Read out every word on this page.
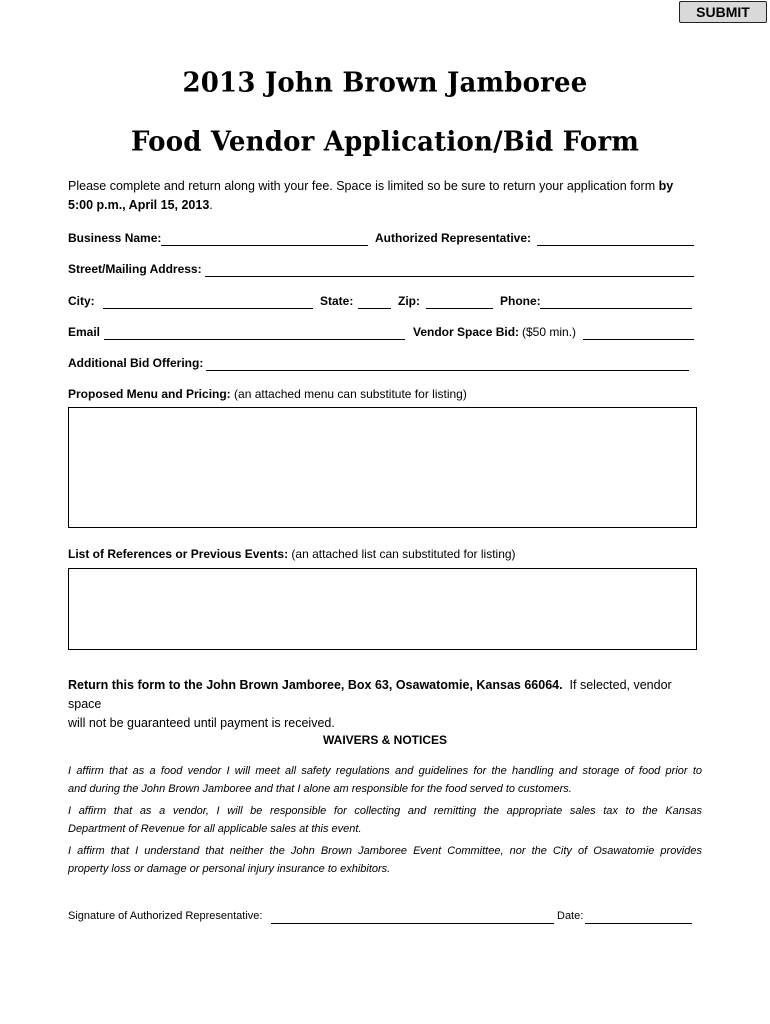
SUBMIT
2013 John Brown Jamboree
Food Vendor Application/Bid Form
Please complete and return along with your fee. Space is limited so be sure to return your application form by
5:00 p.m., April 15, 2013.
Business Name:	Authorized Representative:
Street/Mailing Address:
City:	State:	Zip:	Phone:
Email	Vendor Space Bid: ($50 min.)
Additional Bid Offering:
Proposed Menu and Pricing: (an attached menu can substitute for listing)
List of References or Previous Events: (an attached list can substituted for listing)
Return this form to the John Brown Jamboree, Box 63, Osawatomie, Kansas 66064. If selected, vendor space
will not be guaranteed until payment is received.
WAIVERS & NOTICES
I affirm that as a food vendor I will meet all safety regulations and guidelines for the handling and storage of food prior to
and during the John Brown Jamboree and that I alone am responsible for the food served to customers.
I affirm that as a vendor, I will be responsible for collecting and remitting the appropriate sales tax to the Kansas
Department of Revenue for all applicable sales at this event.
I affirm that I understand that neither the John Brown Jamboree Event Committee, nor the City of Osawatomie provides
property loss or damage or personal injury insurance to exhibitors.
Signature of Authorized Representative:	Date:
